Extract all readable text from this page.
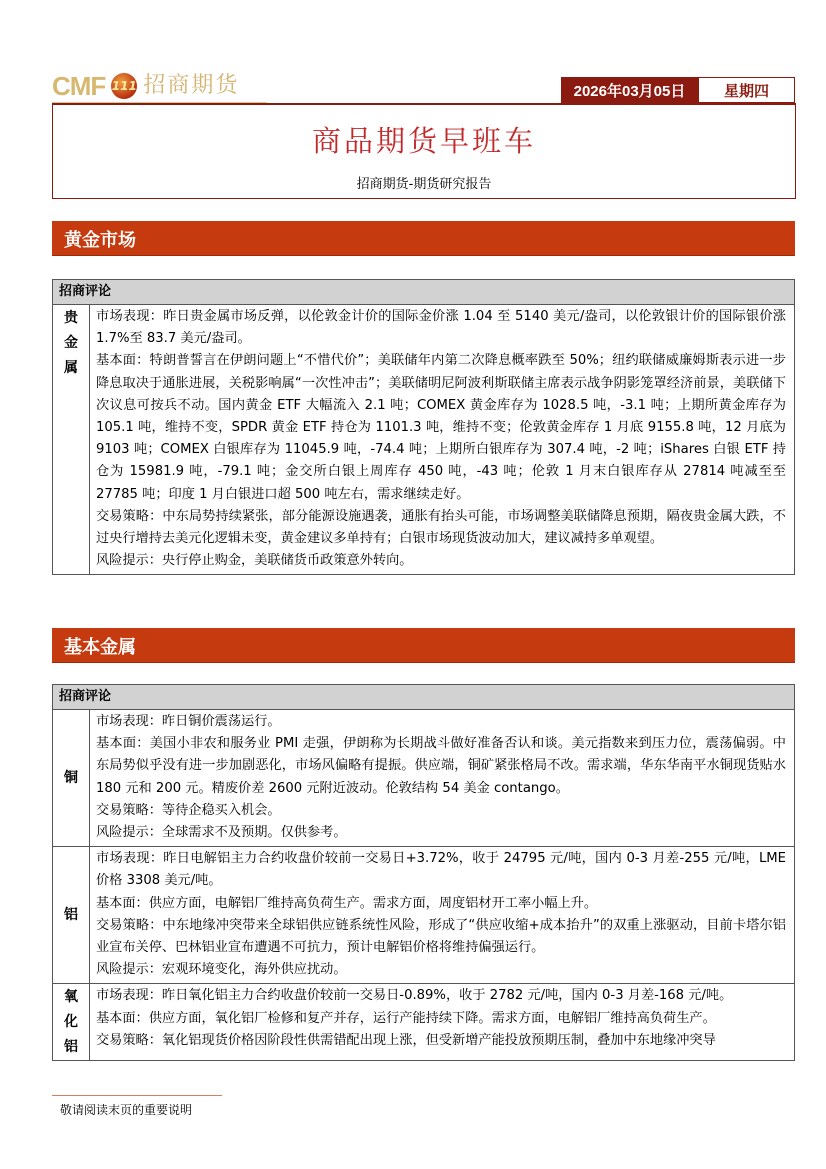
CMF 111 招商期货	2026年03月05日	星期四
商品期货早班车
招商期货-期货研究报告
黄金市场
招商评论
贵
金
属

市场表现：昨日贵金属市场反弹，以伦敦金计价的国际金价涨 1.04 至 5140 美元/盎司，以伦敦银计价的国际银价涨 1.7%至 83.7 美元/盎司。

基本面：特朗普誓言在伊朗问题上“不惜代价”；美联储年内第二次降息概率跌至 50%；纽约联储威廉姆斯表示进一步降息取决于通胀进展，关税影响属“一次性冲击”；美联储明尼阿波利斯联储主席表示战争阴影笼罩经济前景，美联储下次议息可按兵不动。国内黄金 ETF 大幅流入 2.1 吨；COMEX 黄金库存为 1028.5 吨，-3.1 吨；上期所黄金库存为 105.1 吨，维持不变，SPDR 黄金 ETF 持仓为 1101.3 吨，维持不变；伦敦黄金库存 1 月底 9155.8 吨，12 月底为 9103 吨；COMEX 白银库存为 11045.9 吨，-74.4 吨；上期所白银库存为 307.4 吨，-2 吨；iShares 白银 ETF 持仓为 15981.9 吨，-79.1 吨；金交所白银上周库存 450 吨，-43 吨；伦敦 1 月末白银库存从 27814 吨减至至 27785 吨；印度 1 月白银进口超 500 吨左右，需求继续走好。

交易策略：中东局势持续紧张，部分能源设施遇袭，通胀有抬头可能，市场调整美联储降息预期，隔夜贵金属大跌，不过央行增持去美元化逻辑未变，黄金建议多单持有；白银市场现货波动加大，建议减持多单观望。

风险提示：央行停止购金，美联储货币政策意外转向。

基本金属
招商评论
铜

市场表现：昨日铜价震荡运行。

基本面：美国小非农和服务业 PMI 走强，伊朗称为长期战斗做好准备否认和谈。美元指数来到压力位，震荡偏弱。中东局势似乎没有进一步加剧恶化，市场风偏略有提振。供应端，铜矿紧张格局不改。需求端，华东华南平水铜现货贴水 180 元和 200 元。精废价差 2600 元附近波动。伦敦结构 54 美金 contango。

交易策略：等待企稳买入机会。

风险提示：全球需求不及预期。仅供参考。

铝

市场表现：昨日电解铝主力合约收盘价较前一交易日+3.72%，收于 24795 元/吨，国内 0-3 月差-255 元/吨，LME 价格 3308 美元/吨。

基本面：供应方面，电解铝厂维持高负荷生产。需求方面，周度铝材开工率小幅上升。

交易策略：中东地缘冲突带来全球铝供应链系统性风险，形成了“供应收缩+成本抬升”的双重上涨驱动，目前卡塔尔铝业宣布关停、巴林铝业宣布遭遇不可抗力，预计电解铝价格将维持偏强运行。

风险提示：宏观环境变化，海外供应扰动。

氧
化
铝

市场表现：昨日氧化铝主力合约收盘价较前一交易日-0.89%，收于 2782 元/吨，国内 0-3 月差-168 元/吨。

基本面：供应方面，氧化铝厂检修和复产并存，运行产能持续下降。需求方面，电解铝厂维持高负荷生产。

交易策略：氧化铝现货价格因阶段性供需错配出现上涨，但受新增产能投放预期压制，叠加中东地缘冲突导

敬请阅读末页的重要说明
